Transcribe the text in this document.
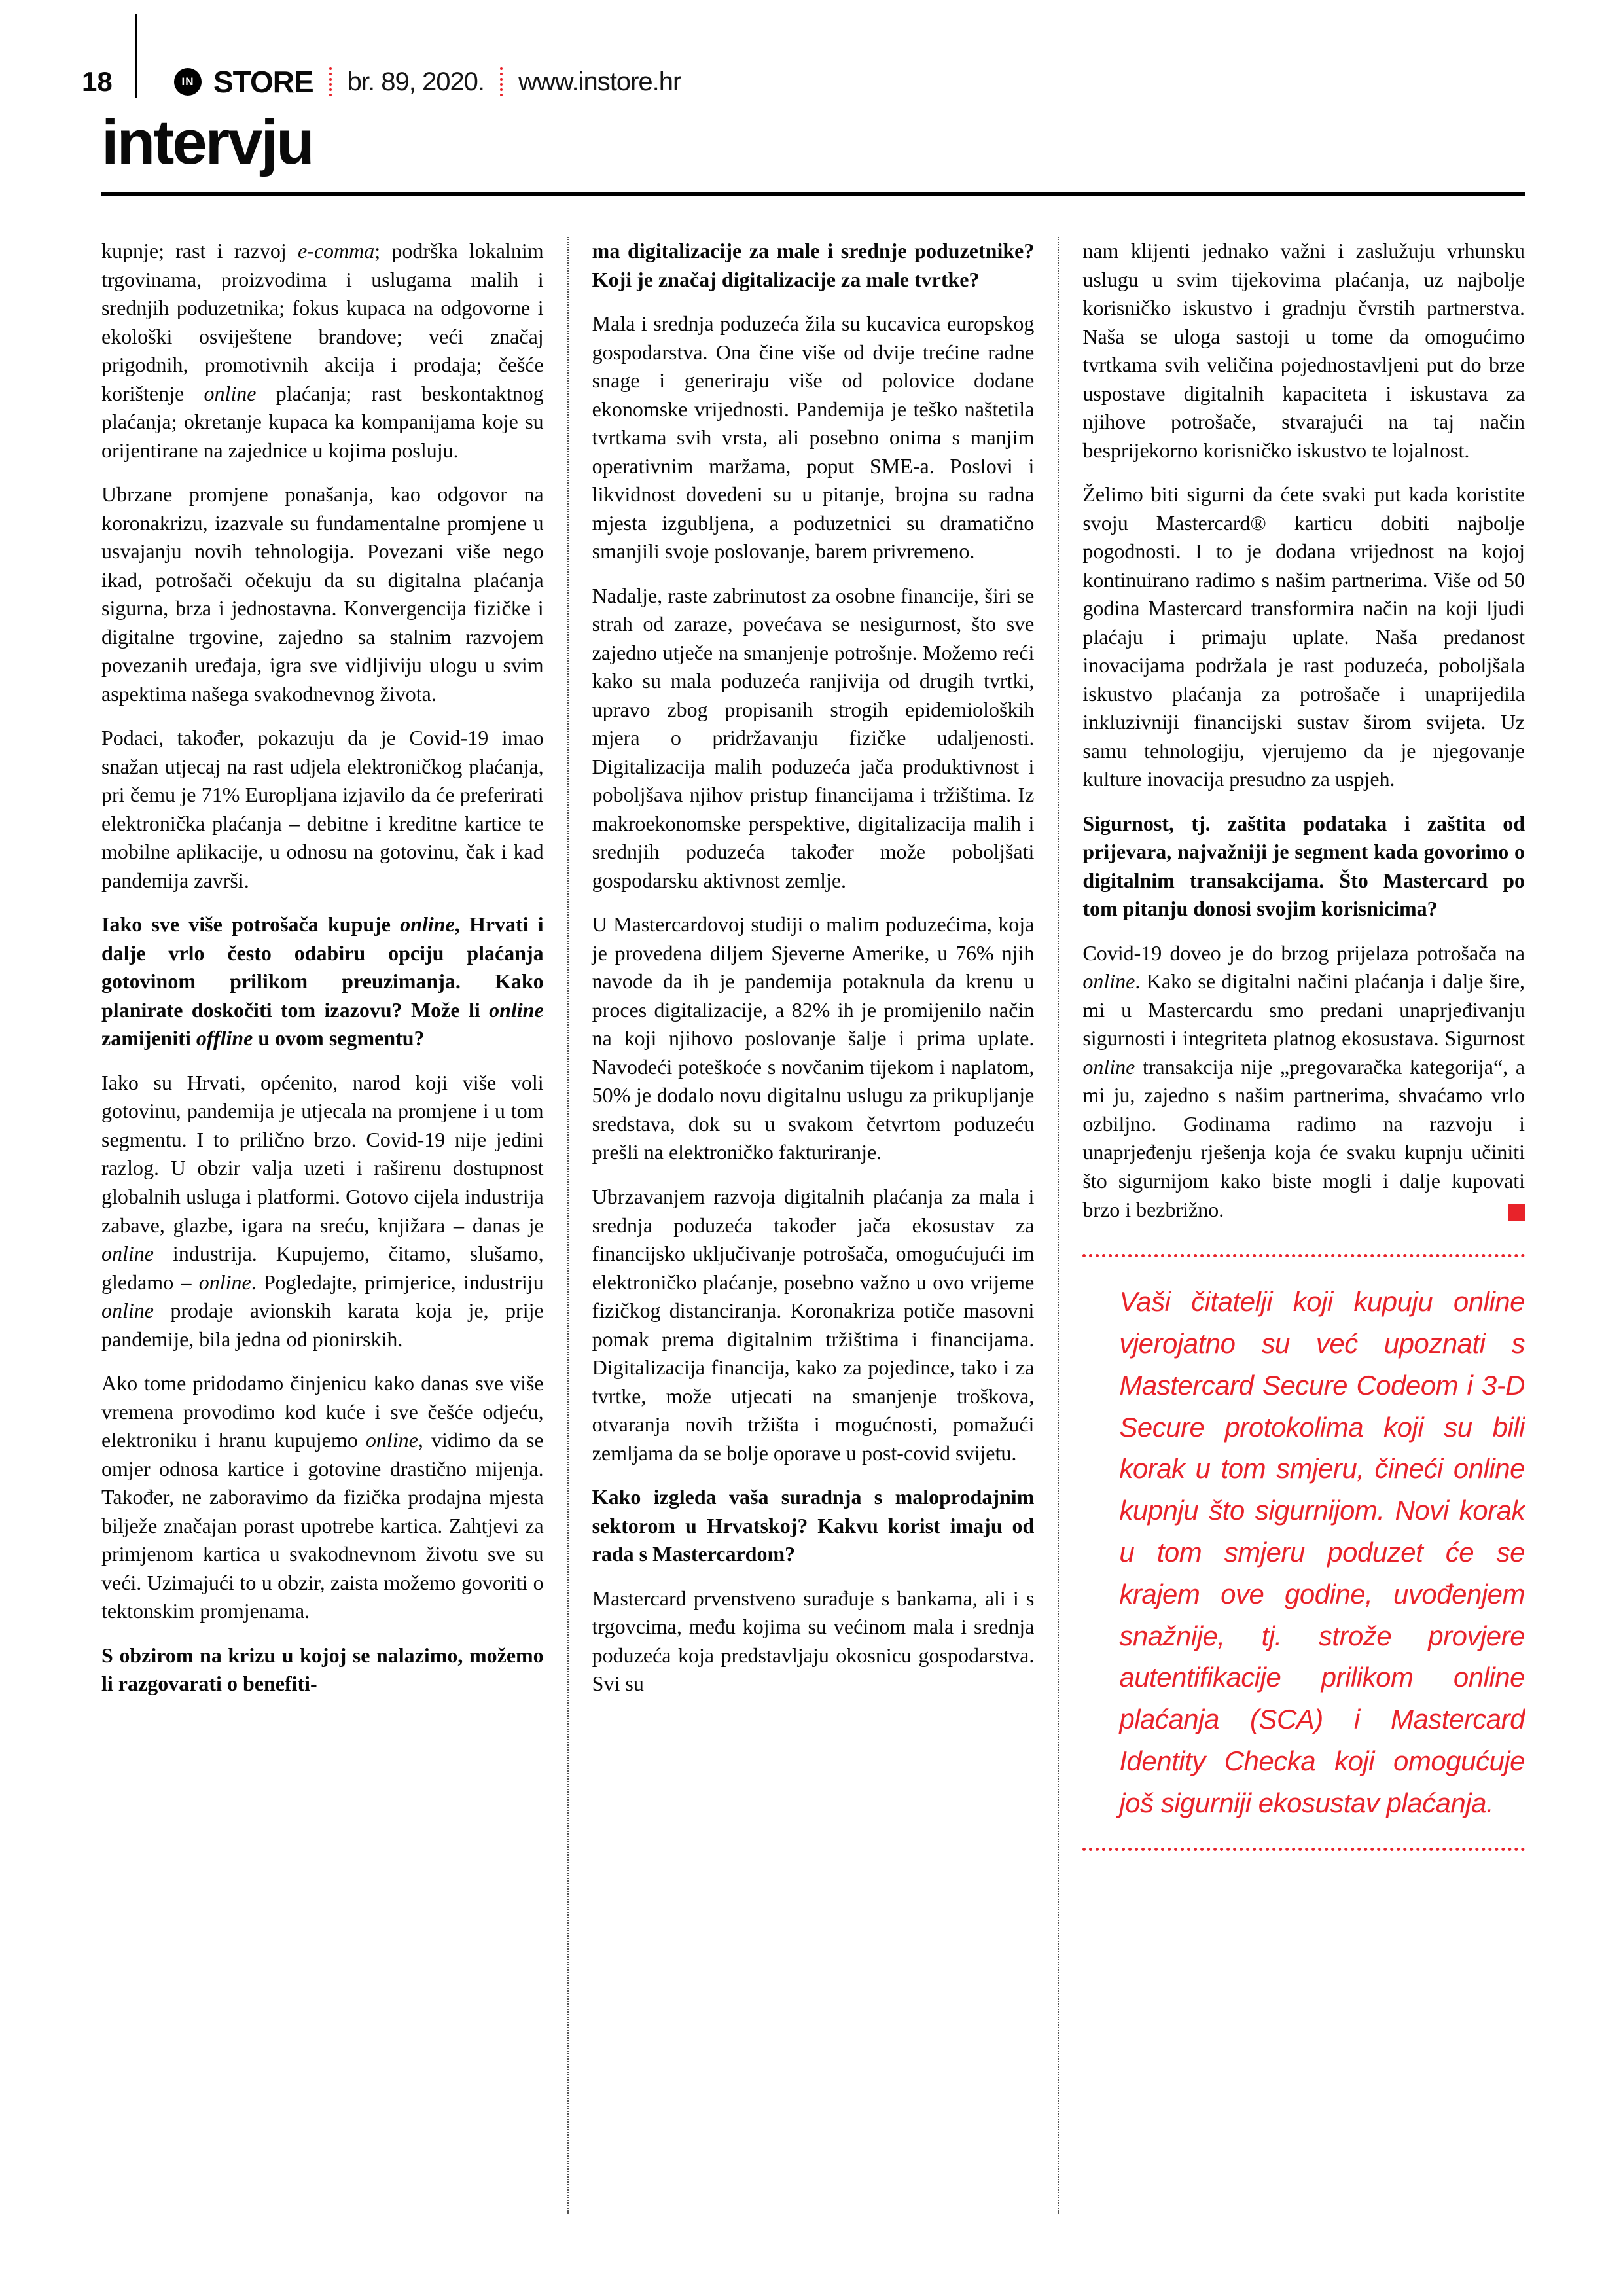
18	IN STORE br. 89, 2020. www.instore.hr
intervju

kupnje; rast i razvoj e-comma; podrška lokalnim trgovinama, proizvodima i uslugama malih i srednjih poduzetnika; fokus kupaca na odgovorne i ekološki osviještene brandove; veći značaj prigodnih, promotivnih akcija i prodaja; češće korištenje online plaćanja; rast beskontaktnog plaćanja; okretanje kupaca ka kompanijama koje su orijentirane na zajednice u kojima posluju.

Ubrzane promjene ponašanja, kao odgovor na koronakrizu, izazvale su fundamentalne promjene u usvajanju novih tehnologija. Povezani više nego ikad, potrošači očekuju da su digitalna plaćanja sigurna, brza i jednostavna. Konvergencija fizičke i digitalne trgovine, zajedno sa stalnim razvojem povezanih uređaja, igra sve vidljiviju ulogu u svim aspektima našega svakodnevnog života.

Podaci, također, pokazuju da je Covid-19 imao snažan utjecaj na rast udjela elektroničkog plaćanja, pri čemu je 71% Europljana izjavilo da će preferirati elektronička plaćanja – debitne i kreditne kartice te mobilne aplikacije, u odnosu na gotovinu, čak i kad pandemija završi.

Iako sve više potrošača kupuje online, Hrvati i dalje vrlo često odabiru opciju plaćanja gotovinom prilikom preuzimanja. Kako planirate doskočiti tom izazovu? Može li online zamijeniti offline u ovom segmentu?

Iako su Hrvati, općenito, narod koji više voli gotovinu, pandemija je utjecala na promjene i u tom segmentu. I to prilično brzo. Covid-19 nije jedini razlog. U obzir valja uzeti i raširenu dostupnost globalnih usluga i platformi. Gotovo cijela industrija zabave, glazbe, igara na sreću, knjižara – danas je online industrija. Kupujemo, čitamo, slušamo, gledamo – online. Pogledajte, primjerice, industriju online prodaje avionskih karata koja je, prije pandemije, bila jedna od pionirskih.

Ako tome pridodamo činjenicu kako danas sve više vremena provodimo kod kuće i sve češće odjeću, elektroniku i hranu kupujemo online, vidimo da se omjer odnosa kartice i gotovine drastično mijenja. Također, ne zaboravimo da fizička prodajna mjesta bilježe značajan porast upotrebe kartica. Zahtjevi za primjenom kartica u svakodnevnom životu sve su veći. Uzimajući to u obzir, zaista možemo govoriti o tektonskim promjenama.

S obzirom na krizu u kojoj se nalazimo, možemo li razgovarati o benefiti-

ma digitalizacije za male i srednje poduzetnike? Koji je značaj digitalizacije za male tvrtke?

Mala i srednja poduzeća žila su kucavica europskog gospodarstva. Ona čine više od dvije trećine radne snage i generiraju više od polovice dodane ekonomske vrijednosti. Pandemija je teško naštetila tvrtkama svih vrsta, ali posebno onima s manjim operativnim maržama, poput SME-a. Poslovi i likvidnost dovedeni su u pitanje, brojna su radna mjesta izgubljena, a poduzetnici su dramatično smanjili svoje poslovanje, barem privremeno.

Nadalje, raste zabrinutost za osobne financije, širi se strah od zaraze, povećava se nesigurnost, što sve zajedno utječe na smanjenje potrošnje. Možemo reći kako su mala poduzeća ranjivija od drugih tvrtki, upravo zbog propisanih strogih epidemioloških mjera o pridržavanju fizičke udaljenosti. Digitalizacija malih poduzeća jača produktivnost i poboljšava njihov pristup financijama i tržištima. Iz makroekonomske perspektive, digitalizacija malih i srednjih poduzeća također može poboljšati gospodarsku aktivnost zemlje.

U Mastercardovoj studiji o malim poduzećima, koja je provedena diljem Sjeverne Amerike, u 76% njih navode da ih je pandemija potaknula da krenu u proces digitalizacije, a 82% ih je promijenilo način na koji njihovo poslovanje šalje i prima uplate. Navodeći poteškoće s novčanim tijekom i naplatom, 50% je dodalo novu digitalnu uslugu za prikupljanje sredstava, dok su u svakom četvrtom poduzeću prešli na elektroničko fakturiranje.

Ubrzavanjem razvoja digitalnih plaćanja za mala i srednja poduzeća također jača ekosustav za financijsko uključivanje potrošača, omogućujući im elektroničko plaćanje, posebno važno u ovo vrijeme fizičkog distanciranja. Koronakriza potiče masovni pomak prema digitalnim tržištima i financijama. Digitalizacija financija, kako za pojedince, tako i za tvrtke, može utjecati na smanjenje troškova, otvaranja novih tržišta i mogućnosti, pomažući zemljama da se bolje oporave u post-covid svijetu.

Kako izgleda vaša suradnja s maloprodajnim sektorom u Hrvatskoj? Kakvu korist imaju od rada s Mastercardom?

Mastercard prvenstveno surađuje s bankama, ali i s trgovcima, među kojima su većinom mala i srednja poduzeća koja predstavljaju okosnicu gospodarstva. Svi su

nam klijenti jednako važni i zaslužuju vrhunsku uslugu u svim tijekovima plaćanja, uz najbolje korisničko iskustvo i gradnju čvrstih partnerstva. Naša se uloga sastoji u tome da omogućimo tvrtkama svih veličina pojednostavljeni put do brze uspostave digitalnih kapaciteta i iskustava za njihove potrošače, stvarajući na taj način besprijekorno korisničko iskustvo te lojalnost.

Želimo biti sigurni da ćete svaki put kada koristite svoju Mastercard® karticu dobiti najbolje pogodnosti. I to je dodana vrijednost na kojoj kontinuirano radimo s našim partnerima. Više od 50 godina Mastercard transformira način na koji ljudi plaćaju i primaju uplate. Naša predanost inovacijama podržala je rast poduzeća, poboljšala iskustvo plaćanja za potrošače i unaprijedila inkluzivniji financijski sustav širom svijeta. Uz samu tehnologiju, vjerujemo da je njegovanje kulture inovacija presudno za uspjeh.

Sigurnost, tj. zaštita podataka i zaštita od prijevara, najvažniji je segment kada govorimo o digitalnim transakcijama. Što Mastercard po tom pitanju donosi svojim korisnicima?

Covid-19 doveo je do brzog prijelaza potrošača na online. Kako se digitalni načini plaćanja i dalje šire, mi u Mastercardu smo predani unaprjeđivanju sigurnosti i integriteta platnog ekosustava. Sigurnost online transakcija nije „pregovaračka kategorija“, a mi ju, zajedno s našim partnerima, shvaćamo vrlo ozbiljno. Godinama radimo na razvoju i unaprjeđenju rješenja koja će svaku kupnju učiniti što sigurnijom kako biste mogli i dalje kupovati brzo i bezbrižno.

Vaši čitatelji koji kupuju online vjerojatno su već upoznati s Mastercard Secure Codeom i 3-D Secure protokolima koji su bili korak u tom smjeru, čineći online kupnju što sigurnijom. Novi korak u tom smjeru poduzet će se krajem ove godine, uvođenjem snažnije, tj. strože provjere autentifikacije prilikom online plaćanja (SCA) i Mastercard Identity Checka koji omogućuje još sigurniji ekosustav plaćanja.
